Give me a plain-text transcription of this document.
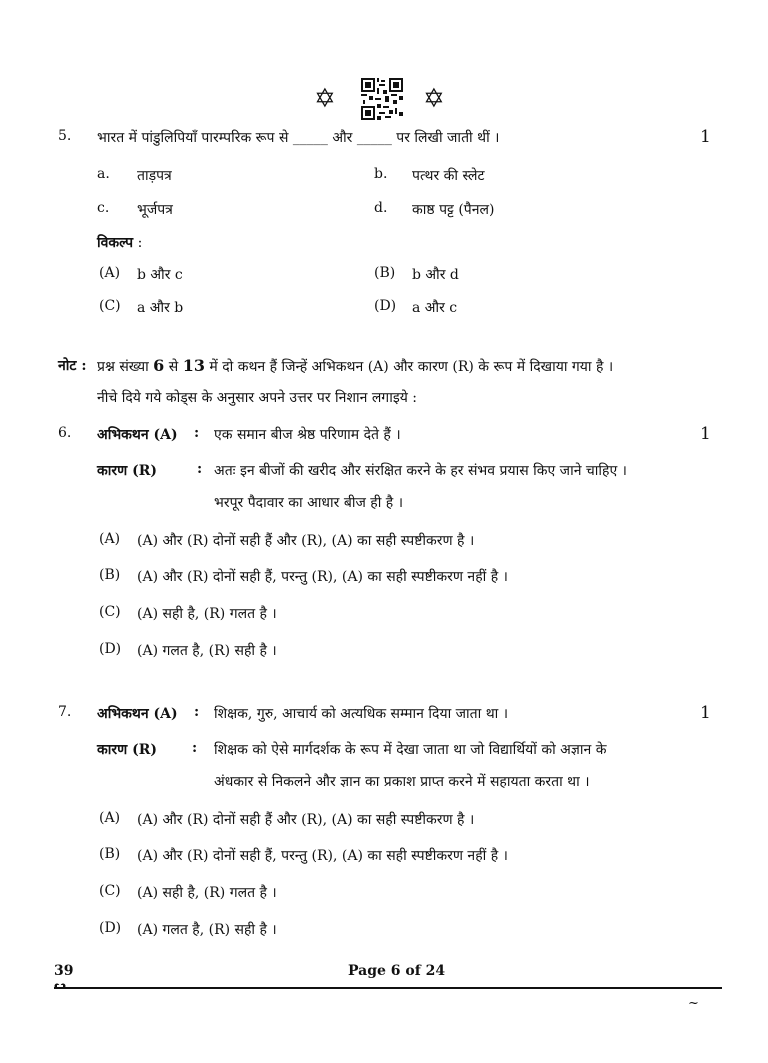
✡	✡
5. भारत में पांडुलिपियाँ पारम्परिक रूप से _____ और _____ पर लिखी जाती थीं ।	1
a. ताड़पत्र	b. पत्थर की स्लेट
c. भूर्जपत्र	d. काष्ठ पट्ट (पैनल)
विकल्प :
(A) b और c	(B) b और d
(C) a और b	(D) a और c
नोट : प्रश्न संख्या 6 से 13 में दो कथन हैं जिन्हें अभिकथन (A) और कारण (R) के रूप में दिखाया गया है ।
नीचे दिये गये कोड्स के अनुसार अपने उत्तर पर निशान लगाइये :
6. अभिकथन (A) : एक समान बीज श्रेष्ठ परिणाम देते हैं ।	1
कारण (R)	: अतः इन बीजों की खरीद और संरक्षित करने के हर संभव प्रयास किए जाने चाहिए ।
भरपूर पैदावार का आधार बीज ही है ।
(A) (A) और (R) दोनों सही हैं और (R), (A) का सही स्पष्टीकरण है ।
(B) (A) और (R) दोनों सही हैं, परन्तु (R), (A) का सही स्पष्टीकरण नहीं है ।
(C) (A) सही है, (R) गलत है ।
(D) (A) गलत है, (R) सही है ।
7. अभिकथन (A) : शिक्षक, गुरु, आचार्य को अत्यधिक सम्मान दिया जाता था ।	1
कारण (R)	: शिक्षक को ऐसे मार्गदर्शक के रूप में देखा जाता था जो विद्यार्थियों को अज्ञान के
अंधकार से निकलने और ज्ञान का प्रकाश प्राप्त करने में सहायता करता था ।
(A) (A) और (R) दोनों सही हैं और (R), (A) का सही स्पष्टीकरण है ।
(B) (A) और (R) दोनों सही हैं, परन्तु (R), (A) का सही स्पष्टीकरण नहीं है ।
(C) (A) सही है, (R) गलत है ।
(D) (A) गलत है, (R) सही है ।
39	Page 6 of 24
~
